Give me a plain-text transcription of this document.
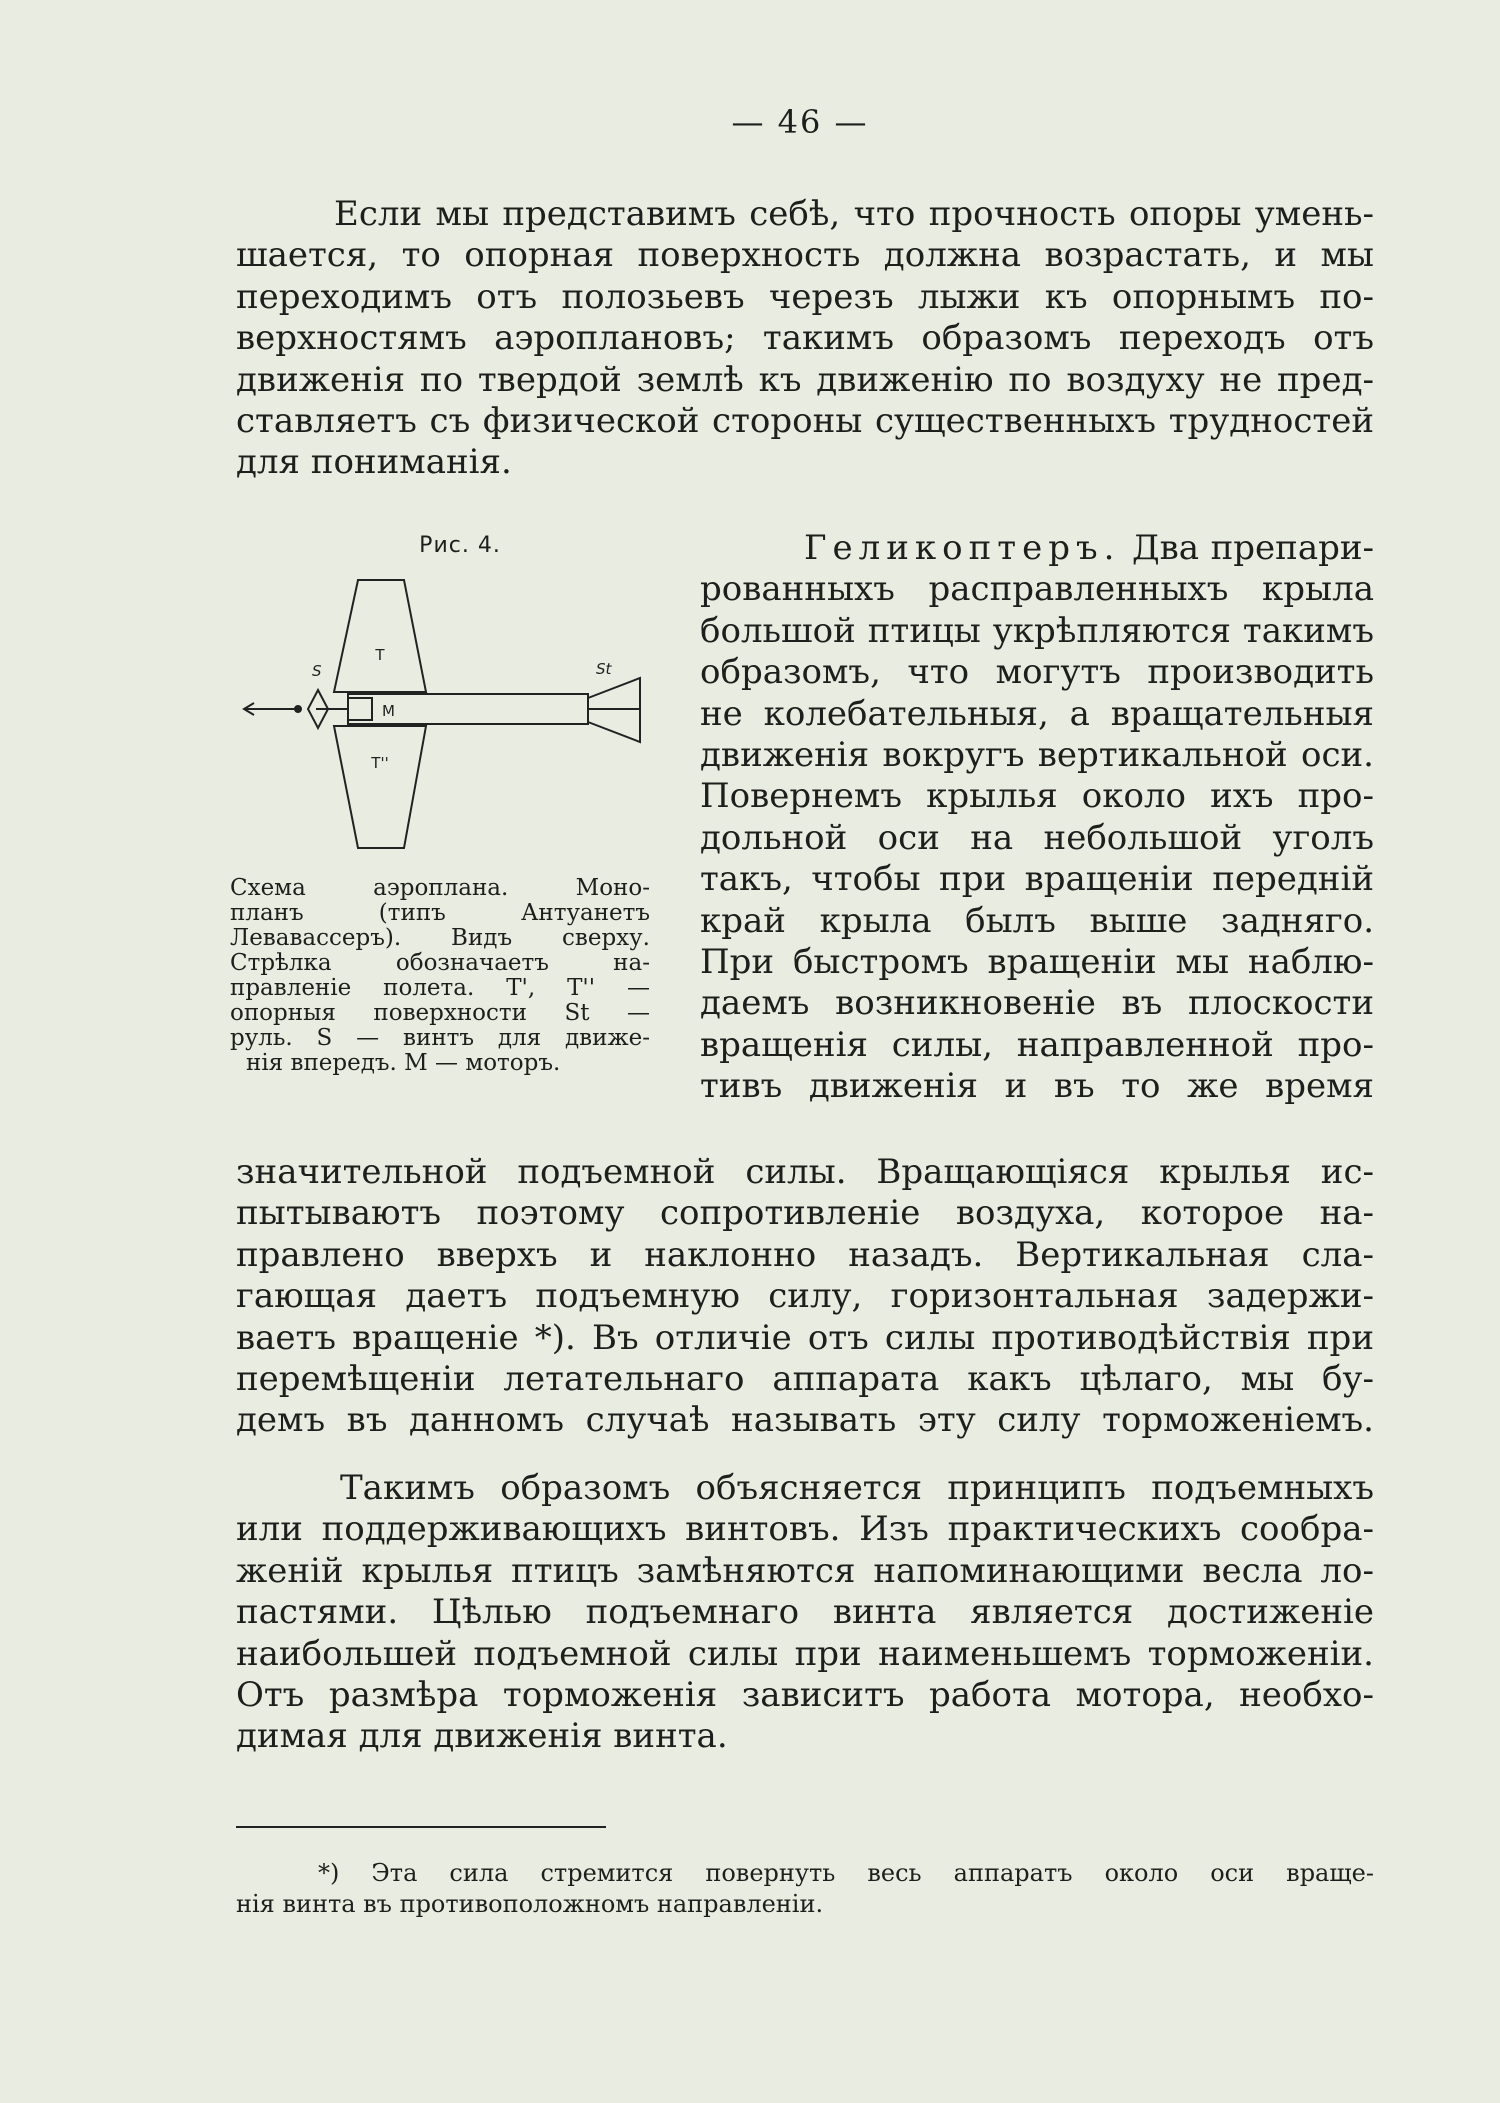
— 46 —
Если мы представимъ себѣ, что прочность опоры умень-
шается, то опорная поверхность должна возрастать, и мы
переходимъ отъ полозьевъ черезъ лыжи къ опорнымъ по-
верхностямъ аэроплановъ; такимъ образомъ переходъ отъ
движенія по твердой землѣ къ движенію по воздуху не пред-
ставляетъ съ физической стороны существенныхъ трудностей
для пониманія.
Рис. 4.
T
T''
M
S	St
Схема аэроплана. Моно-
планъ (типъ Антуанетъ
Левавассеръ). Видъ сверху.
Стрѣлка обозначаетъ на-
правленіе полета. T', T'' —
опорныя поверхности St —
руль. S — винтъ для движе-
нія впередъ. M — моторъ.
Геликоптеръ. Два препари-
рованныхъ расправленныхъ крыла
большой птицы укрѣпляются такимъ
образомъ, что могутъ производить
не колебательныя, а вращательныя
движенія вокругъ вертикальной оси.
Повернемъ крылья около ихъ про-
дольной оси на небольшой уголъ
такъ, чтобы при вращеніи передній
край крыла былъ выше задняго.
При быстромъ вращеніи мы наблю-
даемъ возникновеніе въ плоскости
вращенія силы, направленной про-
тивъ движенія и въ то же время
значительной подъемной силы. Вращающіяся крылья ис-
пытываютъ поэтому сопротивленіе воздуха, которое на-
правлено вверхъ и наклонно назадъ. Вертикальная сла-
гающая даетъ подъемную силу, горизонтальная задержи-
ваетъ вращеніе *). Въ отличіе отъ силы противодѣйствія при
перемѣщеніи летательнаго аппарата какъ цѣлаго, мы бу-
демъ въ данномъ случаѣ называть эту силу торможеніемъ.
Такимъ образомъ объясняется принципъ подъемныхъ
или поддерживающихъ винтовъ. Изъ практическихъ сообра-
женій крылья птицъ замѣняются напоминающими весла ло-
пастями. Цѣлью подъемнаго винта является достиженіе
наибольшей подъемной силы при наименьшемъ торможеніи.
Отъ размѣра торможенія зависитъ работа мотора, необхо-
димая для движенія винта.
*) Эта сила стремится повернуть весь аппаратъ около оси враще-
нія винта въ противоположномъ направленіи.
